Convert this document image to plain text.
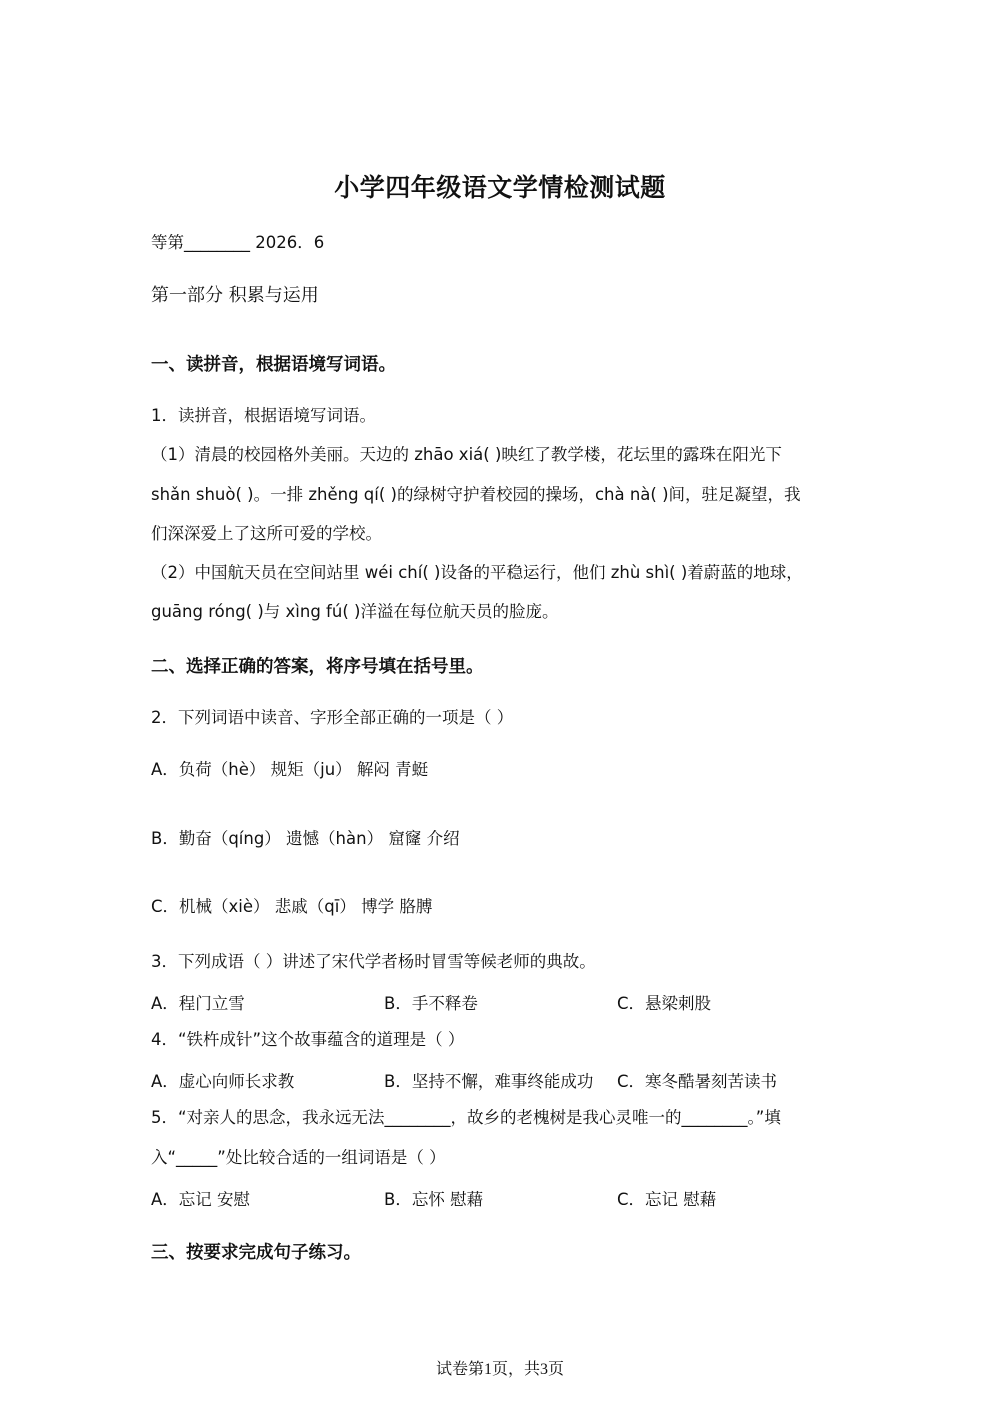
小学四年级语文学情检测试题
等第________ 2026．6
第一部分 积累与运用
一、读拼音，根据语境写词语。
1．读拼音，根据语境写词语。
（1）清晨的校园格外美丽。天边的 zhāo xiá( )映红了教学楼，花坛里的露珠在阳光下
shǎn shuò( )。一排 zhěng qí( )的绿树守护着校园的操场，chà nà( )间，驻足凝望，我
们深深爱上了这所可爱的学校。
（2）中国航天员在空间站里 wéi chí( )设备的平稳运行，他们 zhù shì( )着蔚蓝的地球，
guāng róng( )与 xìng fú( )洋溢在每位航天员的脸庞。
二、选择正确的答案，将序号填在括号里。
2．下列词语中读音、字形全部正确的一项是（ ）
A．负荷（hè） 规矩（ju） 解闷 青蜓
B．勤奋（qíng） 遗憾（hàn） 窟窿 介绍
C．机械（xiè） 悲戚（qī） 博学 胳膊
3．下列成语（ ）讲述了宋代学者杨时冒雪等候老师的典故。
A．程门立雪	B．手不释卷	C．悬梁刺股
4．“铁杵成针”这个故事蕴含的道理是（ ）
A．虚心向师长求教	B．坚持不懈，难事终能成功 C．寒冬酷暑刻苦读书
5．“对亲人的思念，我永远无法________，故乡的老槐树是我心灵唯一的________。”填
入“_____”处比较合适的一组词语是（ ）
A．忘记 安慰	B．忘怀 慰藉	C．忘记 慰藉
三、按要求完成句子练习。
试卷第1页，共3页
